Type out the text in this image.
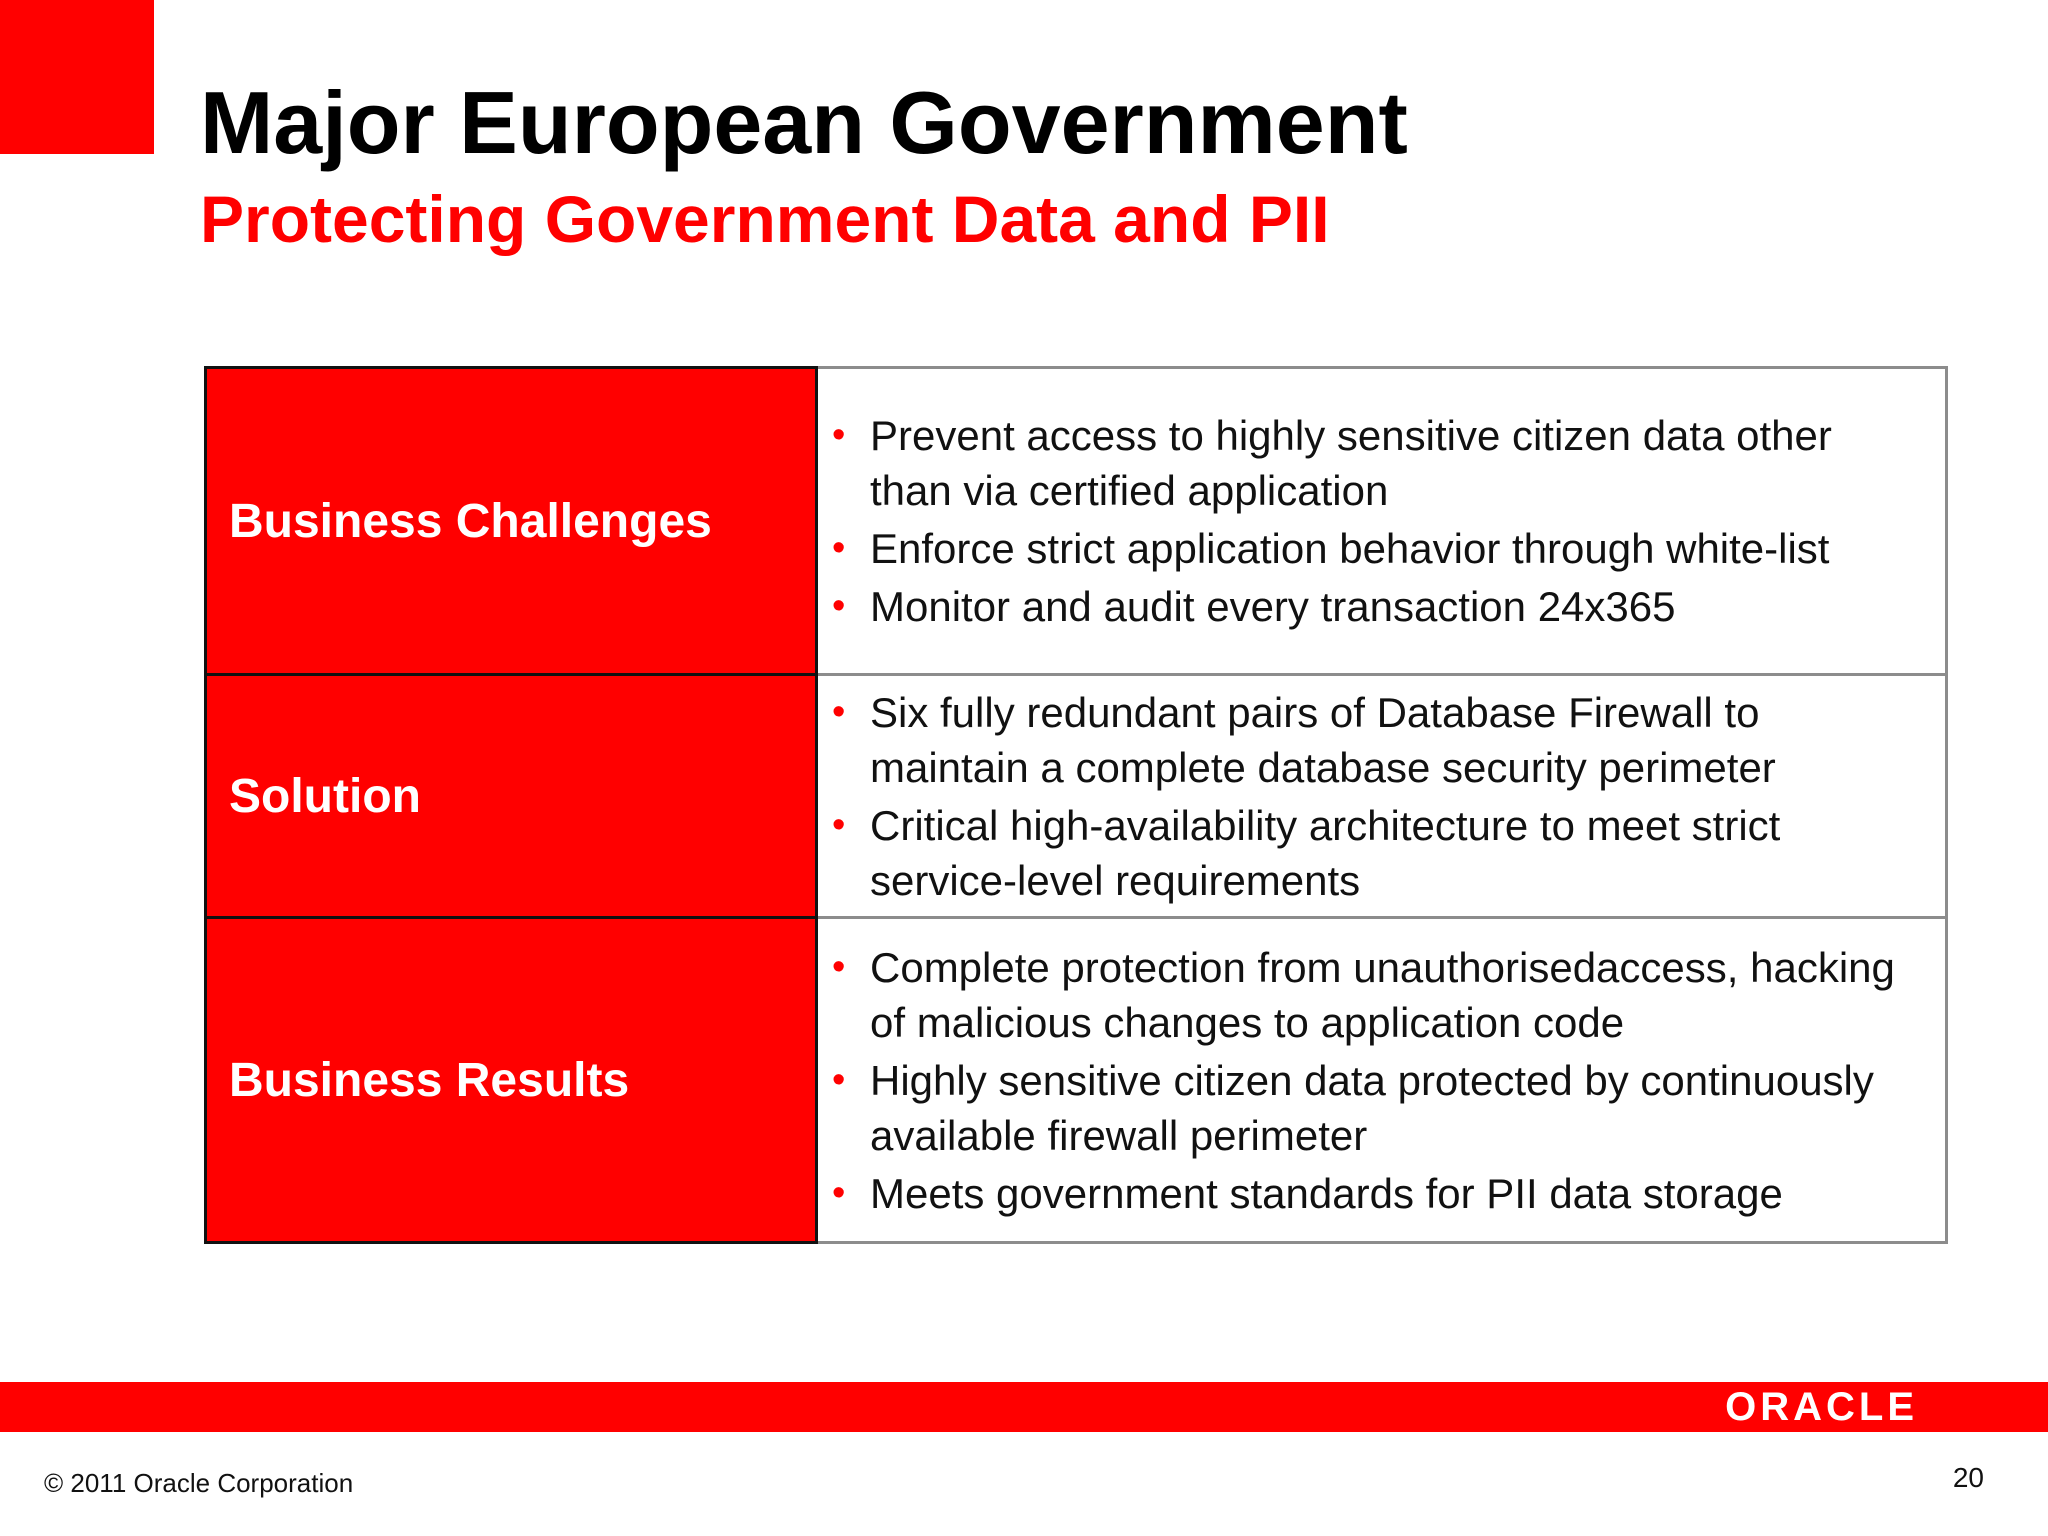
Major European Government
Protecting Government Data and PII
Business Challenges
• Prevent access to highly sensitive citizen data other than via certified application
• Enforce strict application behavior through white-list
• Monitor and audit every transaction 24x365
Solution
• Six fully redundant pairs of Database Firewall to maintain a complete database security perimeter
• Critical high-availability architecture to meet strict service-level requirements
Business Results
• Complete protection from unauthorisedaccess, hacking of malicious changes to application code
• Highly sensitive citizen data protected by continuously available firewall perimeter
• Meets government standards for PII data storage
ORACLE
© 2011 Oracle Corporation	20
